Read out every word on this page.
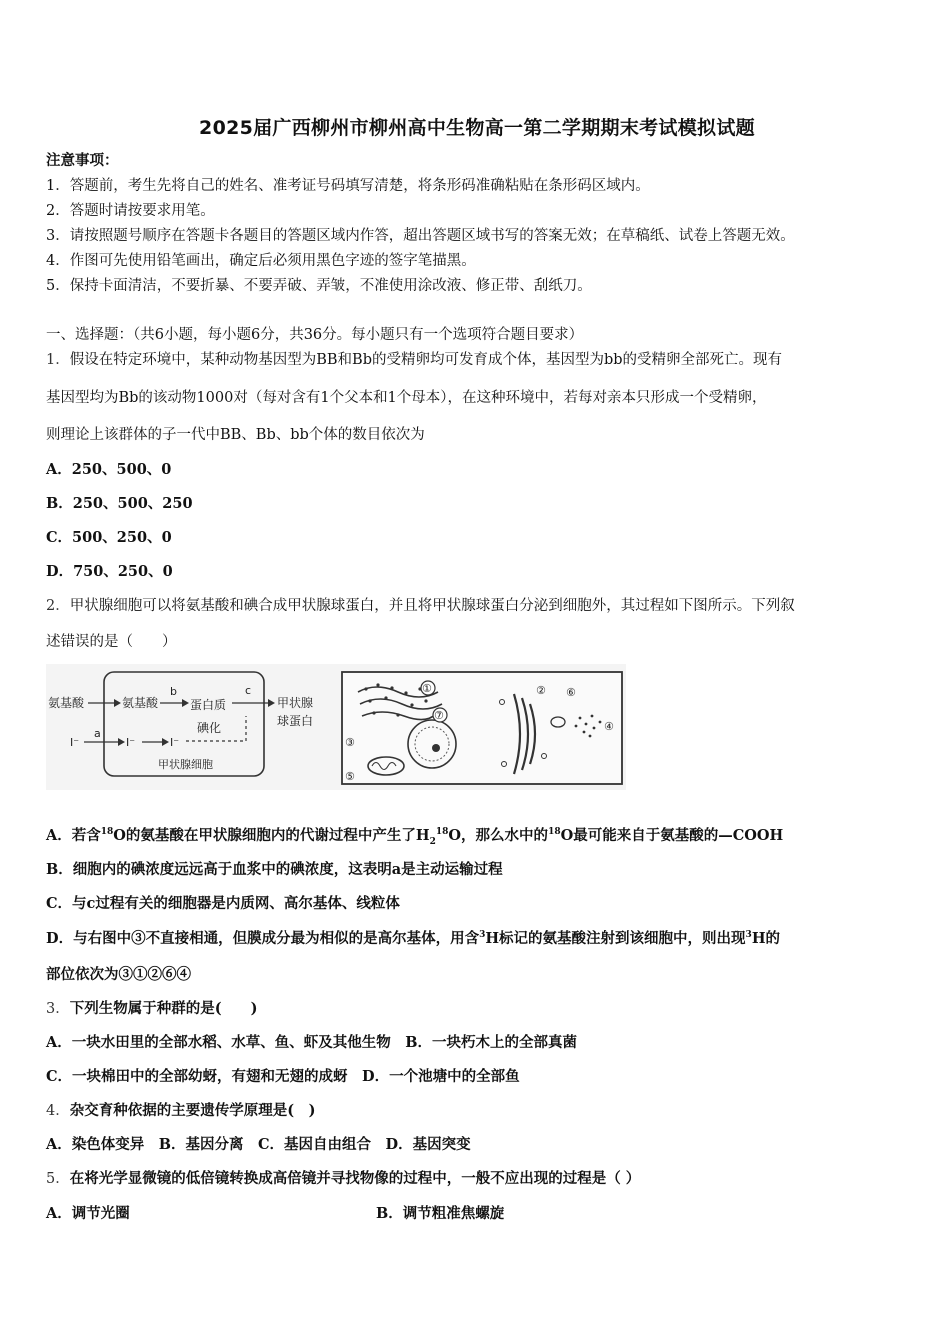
2025届广西柳州市柳州高中生物高一第二学期期末考试模拟试题
注意事项：
1．答题前，考生先将自己的姓名、准考证号码填写清楚，将条形码准确粘贴在条形码区域内。
2．答题时请按要求用笔。
3．请按照题号顺序在答题卡各题目的答题区域内作答，超出答题区域书写的答案无效；在草稿纸、试卷上答题无效。
4．作图可先使用铅笔画出，确定后必须用黑色字迹的签字笔描黑。
5．保持卡面清洁，不要折暴、不要弄破、弄皱，不准使用涂改液、修正带、刮纸刀。
一、选择题：（共6小题，每小题6分，共36分。每小题只有一个选项符合题目要求）
1．假设在特定环境中，某种动物基因型为BB和Bb的受精卵均可发育成个体，基因型为bb的受精卵全部死亡。现有
基因型均为Bb的该动物1000对（每对含有1个父本和1个母本），在这种环境中，若每对亲本只形成一个受精卵，
则理论上该群体的子一代中BB、Bb、bb个体的数目依次为
A．250、500、0
B．250、500、250
C．500、250、0
D．750、250、0
2．甲状腺细胞可以将氨基酸和碘合成甲状腺球蛋白，并且将甲状腺球蛋白分泌到细胞外，其过程如下图所示。下列叙
述错误的是（　　）
氨基酸	氨基酸
b
蛋白质
碘化
c
甲状腺
球蛋白
I⁻
a
I⁻	I⁻
甲状腺细胞
①
⑦
③
⑤
② ⑥
④
A．若含$^{18}$O的氨基酸在甲状腺细胞内的代谢过程中产生了$H_2^{18}O$，那么水中的$^{18}$O最可能来自于氨基酸的—COOH
B．细胞内的碘浓度远远高于血浆中的碘浓度，这表明a是主动运输过程
C．与c过程有关的细胞器是内质网、高尔基体、线粒体
D．与右图中③不直接相通，但膜成分最为相似的是高尔基体，用含$^3$H标记的氨基酸注射到该细胞中，则出现$^3$H的
部位依次为③①②⑥④
3．下列生物属于种群的是(　　)
A．一块水田里的全部水稻、水草、鱼、虾及其他生物　B．一块朽木上的全部真菌
C．一块棉田中的全部幼蚜，有翅和无翅的成蚜　D．一个池塘中的全部鱼
4．杂交育种依据的主要遗传学原理是(　)
A．染色体变异　B．基因分离　C．基因自由组合　D．基因突变
5．在将光学显微镜的低倍镜转换成高倍镜并寻找物像的过程中，一般不应出现的过程是（ ）
A．调节光圈	B．调节粗准焦螺旋
